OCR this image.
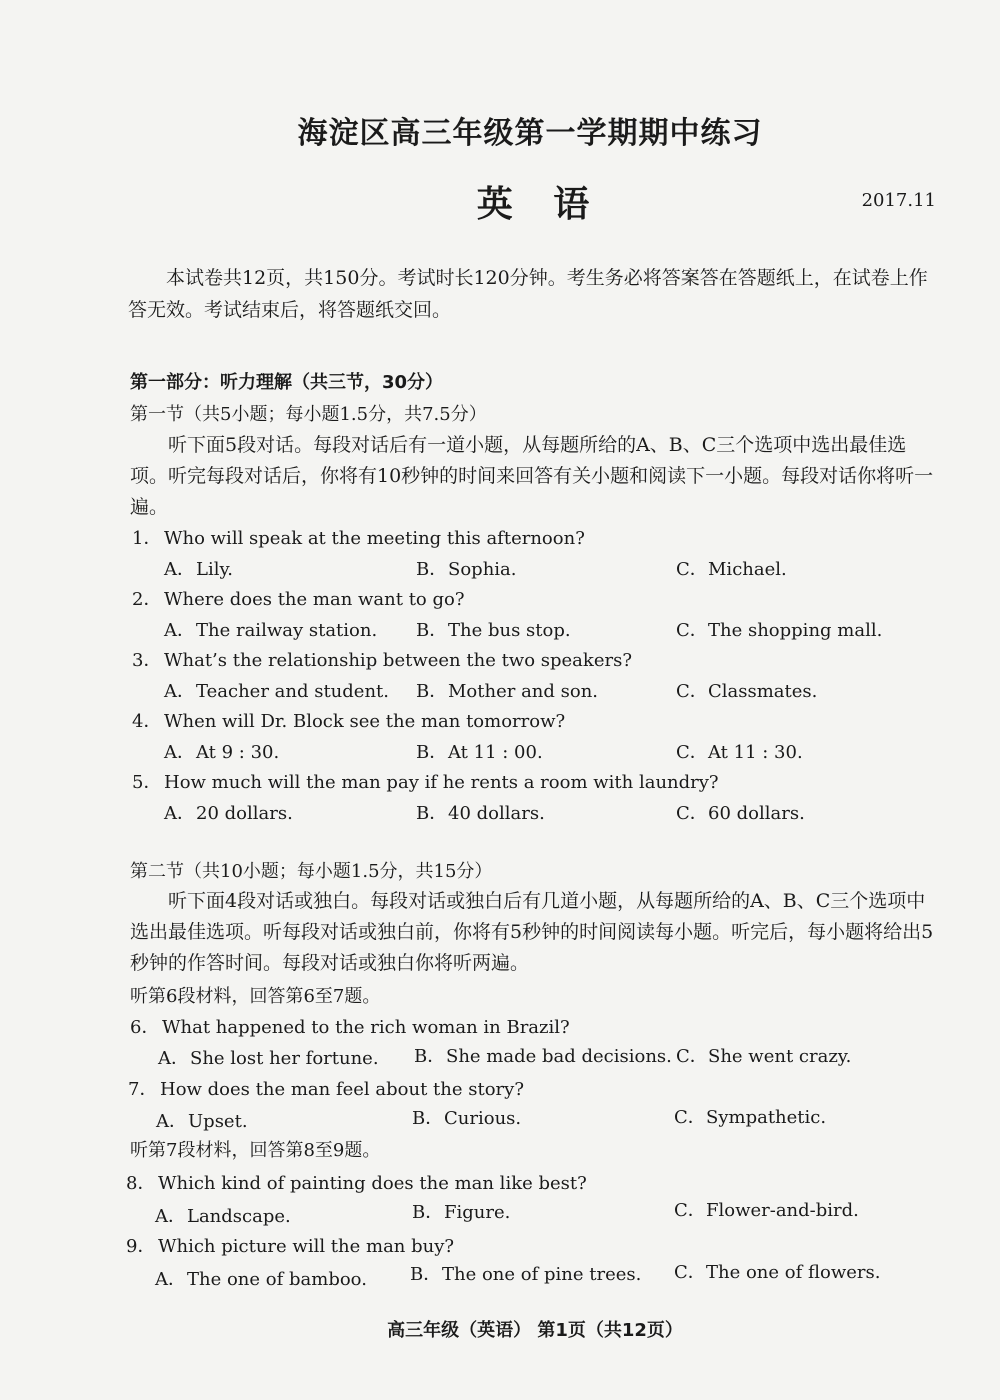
海淀区高三年级第一学期期中练习
英 语	2017.11
本试卷共12页，共150分。考试时长120分钟。考生务必将答案答在答题纸上，在试卷上作答无效。考试结束后，将答题纸交回。
第一部分：听力理解（共三节，30分）
第一节（共5小题；每小题1.5分，共7.5分）
听下面5段对话。每段对话后有一道小题，从每题所给的A、B、C三个选项中选出最佳选项。听完每段对话后，你将有10秒钟的时间来回答有关小题和阅读下一小题。每段对话你将听一遍。
1． Who will speak at the meeting this afternoon?
A．Lily.	B．Sophia.	C．Michael.
2． Where does the man want to go?
A．The railway station. B．The bus stop.	C．The shopping mall.
3． What’s the relationship between the two speakers?
A．Teacher and student. B．Mother and son.	C．Classmates.
4． When will Dr. Block see the man tomorrow?
A．At 9 : 30.	B．At 11 : 00.	C．At 11 : 30.
5． How much will the man pay if he rents a room with laundry?
A．20 dollars.	B．40 dollars.	C．60 dollars.
第二节（共10小题；每小题1.5分，共15分）
听下面4段对话或独白。每段对话或独白后有几道小题，从每题所给的A、B、C三个选项中选出最佳选项。听每段对话或独白前，你将有5秒钟的时间阅读每小题。听完后，每小题将给出5秒钟的作答时间。每段对话或独白你将听两遍。
听第6段材料，回答第6至7题。
6． What happened to the rich woman in Brazil?
A．She lost her fortune. B．She made bad decisions. C．She went crazy.
7． How does the man feel about the story?
A．Upset.	B．Curious.	C．Sympathetic.
听第7段材料，回答第8至9题。
8． Which kind of painting does the man like best?
A．Landscape.	B．Figure.	C．Flower-and-bird.
9． Which picture will the man buy?
A．The one of bamboo. B．The one of pine trees. C．The one of flowers.
高三年级（英语） 第1页（共12页）
